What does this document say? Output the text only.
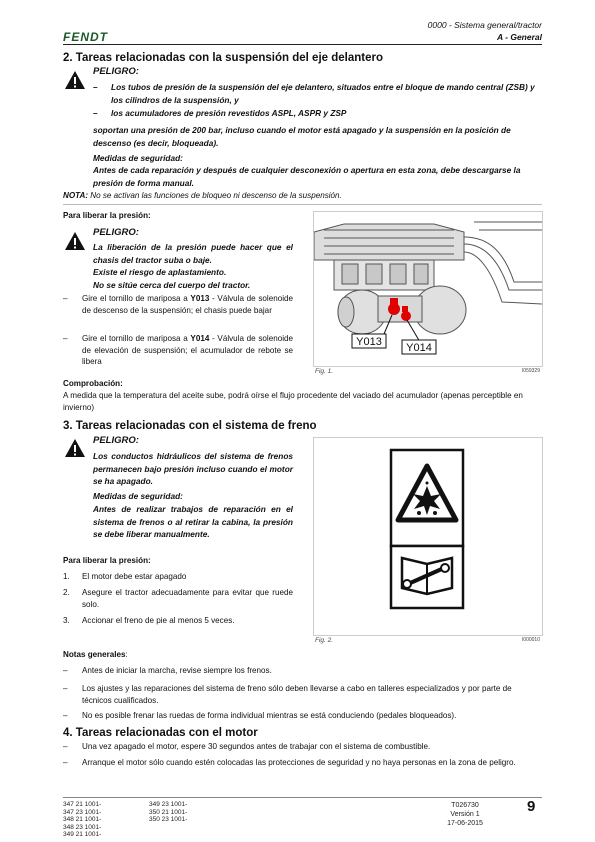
FENDT
0000 - Sistema general/tractor
A - General
2. Tareas relacionadas con la suspensión del eje delantero
PELIGRO:
– Los tubos de presión de la suspensión del eje delantero, situados entre el bloque de mando central (ZSB) y los cilindros de la suspensión, y
– los acumuladores de presión revestidos ASPL, ASPR y ZSP
soportan una presión de 200 bar, incluso cuando el motor está apagado y la suspensión en la posición de descenso (es decir, bloqueada).
Medidas de seguridad:
Antes de cada reparación y después de cualquier desconexión o apertura en esta zona, debe descargarse la presión de forma manual.
NOTA: No se activan las funciones de bloqueo ni descenso de la suspensión.
Para liberar la presión:
PELIGRO:
La liberación de la presión puede hacer que el chasis del tractor suba o baje.
Existe el riesgo de aplastamiento.
No se sitúe cerca del cuerpo del tractor.
– Gire el tornillo de mariposa a Y013 - Válvula de solenoide de descenso de la suspensión; el chasis puede bajar
– Gire el tornillo de mariposa a Y014 - Válvula de solenoide de elevación de suspensión; el acumulador de rebote se libera
Y013 Y014
Fig. 1.	I059329
Comprobación:
A medida que la temperatura del aceite sube, podrá oírse el flujo procedente del vaciado del acumulador (apenas perceptible en invierno)
3. Tareas relacionadas con el sistema de freno
PELIGRO:
Los conductos hidráulicos del sistema de frenos permanecen bajo presión incluso cuando el motor se ha apagado.
Medidas de seguridad:
Antes de realizar trabajos de reparación en el sistema de frenos o al retirar la cabina, la presión se debe liberar manualmente.
Para liberar la presión:
1. El motor debe estar apagado
2. Asegure el tractor adecuadamente para evitar que ruede solo.
3. Accionar el freno de pie al menos 5 veces.
Fig. 2.	I000010
Notas generales:
– Antes de iniciar la marcha, revise siempre los frenos.
– Los ajustes y las reparaciones del sistema de freno sólo deben llevarse a cabo en talleres especializados y por parte de técnicos cualificados.
– No es posible frenar las ruedas de forma individual mientras se está conduciendo (pedales bloqueados).
4. Tareas relacionadas con el motor
– Una vez apagado el motor, espere 30 segundos antes de trabajar con el sistema de combustible.
– Arranque el motor sólo cuando estén colocadas las protecciones de seguridad y no haya personas en la zona de peligro.
347 21 1001-
347 23 1001-
348 21 1001-
348 23 1001-
349 21 1001-
349 23 1001-
350 21 1001-
350 23 1001-
T026730
Versión 1
17-06-2015
9
